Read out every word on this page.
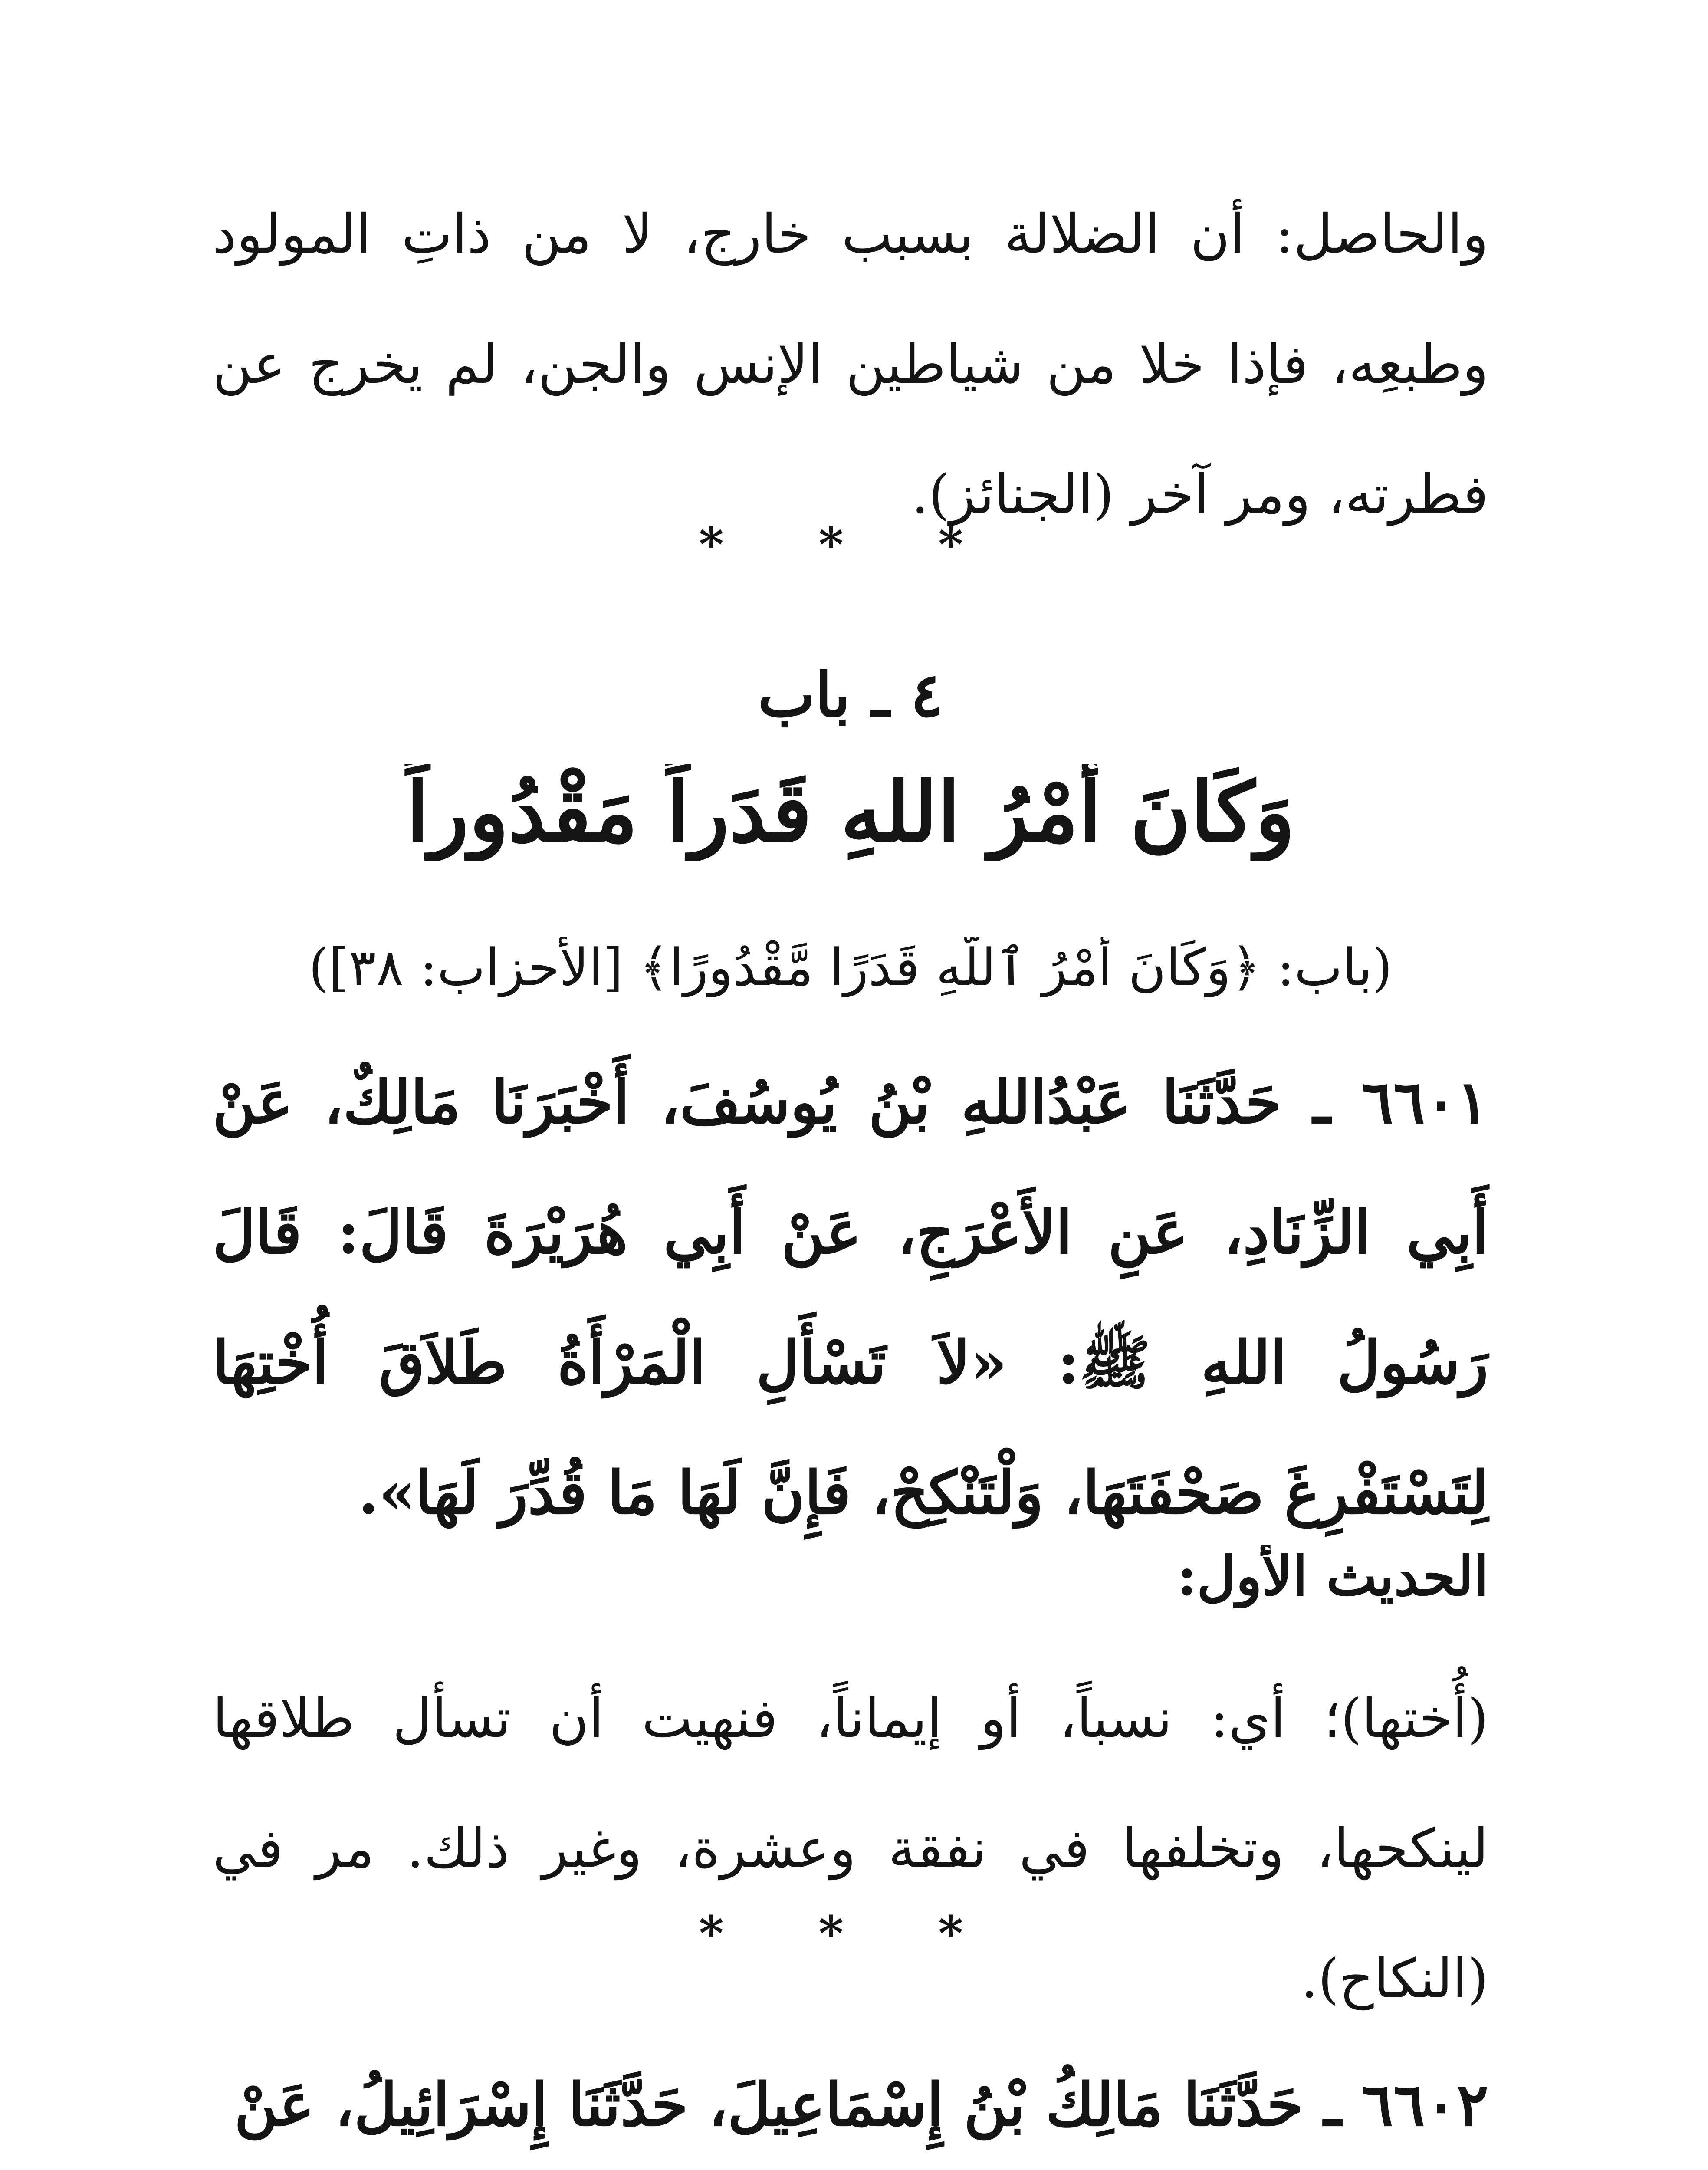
والحاصل: أن الضلالة بسبب خارج، لا من ذاتِ المولود وطبعِه، فإذا خلا من شياطين الإنس والجن، لم يخرج عن فطرته، ومر آخر (الجنائز).
* * *
٤ ـ باب
وَكَانَ أَمْرُ اللهِ قَدَراً مَقْدُوراً
(باب: ﴿وَكَانَ أَمْرُ ٱللَّهِ قَدَرًا مَّقْدُورًا﴾ [الأحزاب: ٣٨])
٦٦٠١ ـ حَدَّثَنَا عَبْدُاللهِ بْنُ يُوسُفَ، أَخْبَرَنَا مَالِكٌ، عَنْ أَبِي الزِّنَادِ، عَنِ الأَعْرَجِ، عَنْ أَبِي هُرَيْرَةَ قَالَ: قَالَ رَسُولُ اللهِ ﷺ: «لاَ تَسْأَلِ الْمَرْأَةُ طَلاَقَ أُخْتِهَا لِتَسْتَفْرِغَ صَحْفَتَهَا، وَلْتَنْكِحْ، فَإِنَّ لَهَا مَا قُدِّرَ لَهَا».
الحديث الأول:
(أُختها)؛ أي: نسباً، أو إيماناً، فنهيت أن تسأل طلاقها لينكحها، وتخلفها في نفقة وعشرة، وغير ذلك. مر في (النكاح).
* * *
٦٦٠٢ ـ حَدَّثَنَا مَالِكُ بْنُ إِسْمَاعِيلَ، حَدَّثَنَا إِسْرَائِيلُ، عَنْ
